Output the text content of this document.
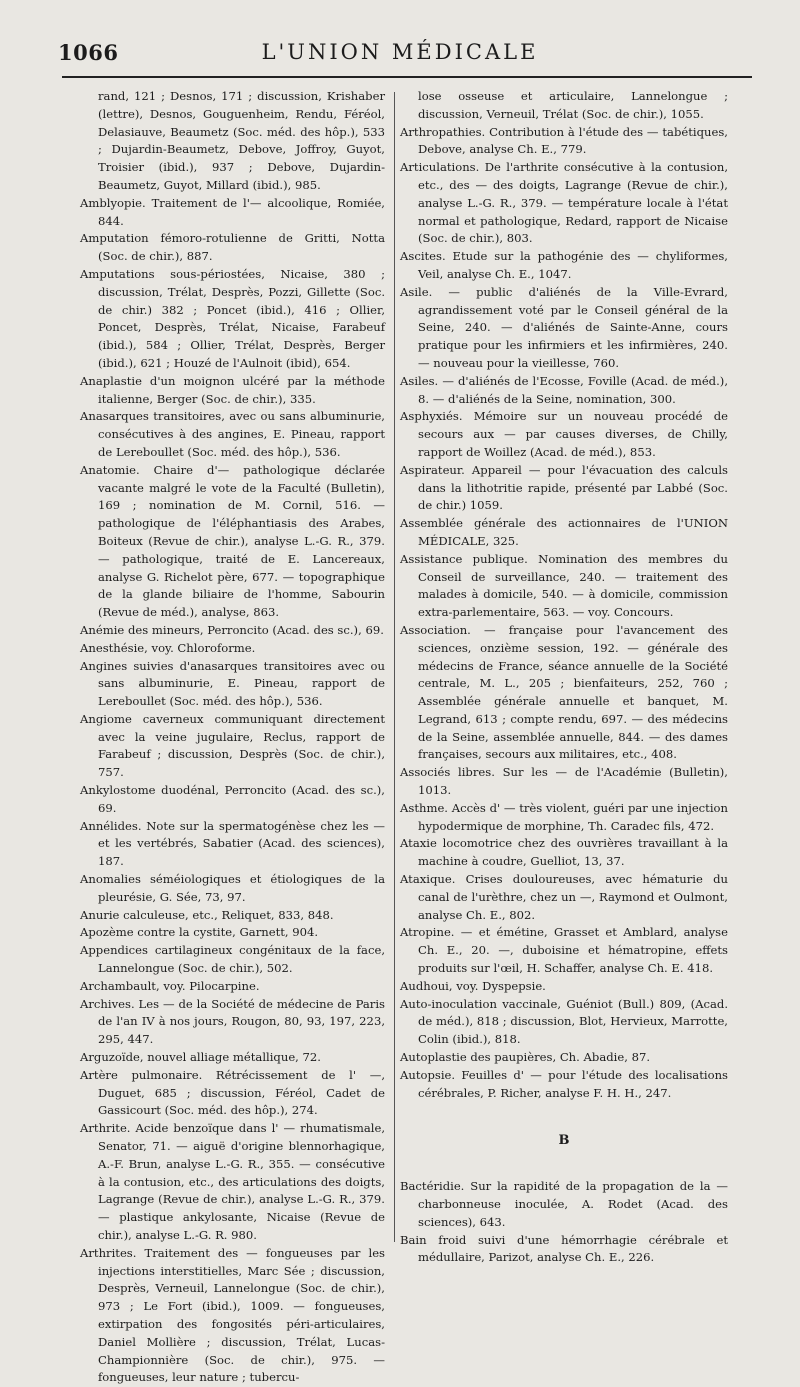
1066	L'UNION MÉDICALE

rand, 121 ; Desnos, 171 ; discussion, Krishaber (lettre), Desnos, Gouguenheim, Rendu, Féréol, Delasiauve, Beaumetz (Soc. méd. des hôp.), 533 ; Dujardin-Beaumetz, Debove, Joffroy, Guyot, Troisier (ibid.), 937 ; Debove, Dujardin-Beaumetz, Guyot, Millard (ibid.), 985.

Amblyopie. Traitement de l'— alcoolique, Romiée, 844.

Amputation fémoro-rotulienne de Gritti, Notta (Soc. de chir.), 887.

Amputations sous-périostées, Nicaise, 380 ; discussion, Trélat, Desprès, Pozzi, Gillette (Soc. de chir.) 382 ; Poncet (ibid.), 416 ; Ollier, Poncet, Desprès, Trélat, Nicaise, Farabeuf (ibid.), 584 ; Ollier, Trélat, Desprès, Berger (ibid.), 621 ; Houzé de l'Aulnoit (ibid), 654.

Anaplastie d'un moignon ulcéré par la méthode italienne, Berger (Soc. de chir.), 335.

Anasarques transitoires, avec ou sans albuminurie, consécutives à des angines, E. Pineau, rapport de Lereboullet (Soc. méd. des hôp.), 536.

Anatomie. Chaire d'— pathologique déclarée vacante malgré le vote de la Faculté (Bulletin), 169 ; nomination de M. Cornil, 516. — pathologique de l'éléphantiasis des Arabes, Boiteux (Revue de chir.), analyse L.-G. R., 379. — pathologique, traité de E. Lancereaux, analyse G. Richelot père, 677. — topographique de la glande biliaire de l'homme, Sabourin (Revue de méd.), analyse, 863.

Anémie des mineurs, Perroncito (Acad. des sc.), 69.

Anesthésie, voy. Chloroforme.

Angines suivies d'anasarques transitoires avec ou sans albuminurie, E. Pineau, rapport de Lereboullet (Soc. méd. des hôp.), 536.

Angiome caverneux communiquant directement avec la veine jugulaire, Reclus, rapport de Farabeuf ; discussion, Desprès (Soc. de chir.), 757.

Ankylostome duodénal, Perroncito (Acad. des sc.), 69.

Annélides. Note sur la spermatogénèse chez les — et les vertébrés, Sabatier (Acad. des sciences), 187.

Anomalies séméiologiques et étiologiques de la pleurésie, G. Sée, 73, 97.

Anurie calculeuse, etc., Reliquet, 833, 848.

Apozème contre la cystite, Garnett, 904.

Appendices cartilagineux congénitaux de la face, Lannelongue (Soc. de chir.), 502.

Archambault, voy. Pilocarpine.

Archives. Les — de la Société de médecine de Paris de l'an IV à nos jours, Rougon, 80, 93, 197, 223, 295, 447.

Arguzoïde, nouvel alliage métallique, 72.

Artère pulmonaire. Rétrécissement de l' —, Duguet, 685 ; discussion, Féréol, Cadet de Gassicourt (Soc. méd. des hôp.), 274.

Arthrite. Acide benzoïque dans l' — rhumatismale, Senator, 71. — aiguë d'origine blennorhagique, A.-F. Brun, analyse L.-G. R., 355. — consécutive à la contusion, etc., des articulations des doigts, Lagrange (Revue de chir.), analyse L.-G. R., 379. — plastique ankylosante, Nicaise (Revue de chir.), analyse L.-G. R. 980.

Arthrites. Traitement des — fongueuses par les injections interstitielles, Marc Sée ; discussion, Desprès, Verneuil, Lannelongue (Soc. de chir.), 973 ; Le Fort (ibid.), 1009. — fongueuses, extirpation des fongosités péri-articulaires, Daniel Mollière ; discussion, Trélat, Lucas-Championnière (Soc. de chir.), 975. — fongueuses, leur nature ; tubercu-

lose osseuse et articulaire, Lannelongue ; discussion, Verneuil, Trélat (Soc. de chir.), 1055.

Arthropathies. Contribution à l'étude des — tabétiques, Debove, analyse Ch. E., 779.

Articulations. De l'arthrite consécutive à la contusion, etc., des — des doigts, Lagrange (Revue de chir.), analyse L.-G. R., 379. — température locale à l'état normal et pathologique, Redard, rapport de Nicaise (Soc. de chir.), 803.

Ascites. Etude sur la pathogénie des — chyliformes, Veil, analyse Ch. E., 1047.

Asile. — public d'aliénés de la Ville-Evrard, agrandissement voté par le Conseil général de la Seine, 240. — d'aliénés de Sainte-Anne, cours pratique pour les infirmiers et les infirmières, 240. — nouveau pour la vieillesse, 760.

Asiles. — d'aliénés de l'Ecosse, Foville (Acad. de méd.), 8. — d'aliénés de la Seine, nomination, 300.

Asphyxiés. Mémoire sur un nouveau procédé de secours aux — par causes diverses, de Chilly, rapport de Woillez (Acad. de méd.), 853.

Aspirateur. Appareil — pour l'évacuation des calculs dans la lithotritie rapide, présenté par Labbé (Soc. de chir.) 1059.

Assemblée générale des actionnaires de l'UNION MÉDICALE, 325.

Assistance publique. Nomination des membres du Conseil de surveillance, 240. — traitement des malades à domicile, 540. — à domicile, commission extra-parlementaire, 563. — voy. Concours.

Association. — française pour l'avancement des sciences, onzième session, 192. — générale des médecins de France, séance annuelle de la Société centrale, M. L., 205 ; bienfaiteurs, 252, 760 ; Assemblée générale annuelle et banquet, M. Legrand, 613 ; compte rendu, 697. — des médecins de la Seine, assemblée annuelle, 844. — des dames françaises, secours aux militaires, etc., 408.

Associés libres. Sur les — de l'Académie (Bulletin), 1013.

Asthme. Accès d' — très violent, guéri par une injection hypodermique de morphine, Th. Caradec fils, 472.

Ataxie locomotrice chez des ouvrières travaillant à la machine à coudre, Guelliot, 13, 37.

Ataxique. Crises douloureuses, avec hématurie du canal de l'urèthre, chez un —, Raymond et Oulmont, analyse Ch. E., 802.

Atropine. — et émétine, Grasset et Amblard, analyse Ch. E., 20. —, duboisine et hématropine, effets produits sur l'œil, H. Schaffer, analyse Ch. E. 418.

Audhoui, voy. Dyspepsie.

Auto-inoculation vaccinale, Guéniot (Bull.) 809, (Acad. de méd.), 818 ; discussion, Blot, Hervieux, Marrotte, Colin (ibid.), 818.

Autoplastie des paupières, Ch. Abadie, 87.

Autopsie. Feuilles d' — pour l'étude des localisations cérébrales, P. Richer, analyse F. H. H., 247.

B

Bactéridie. Sur la rapidité de la propagation de la — charbonneuse inoculée, A. Rodet (Acad. des sciences), 643.

Bain froid suivi d'une hémorrhagie cérébrale et médullaire, Parizot, analyse Ch. E., 226.
